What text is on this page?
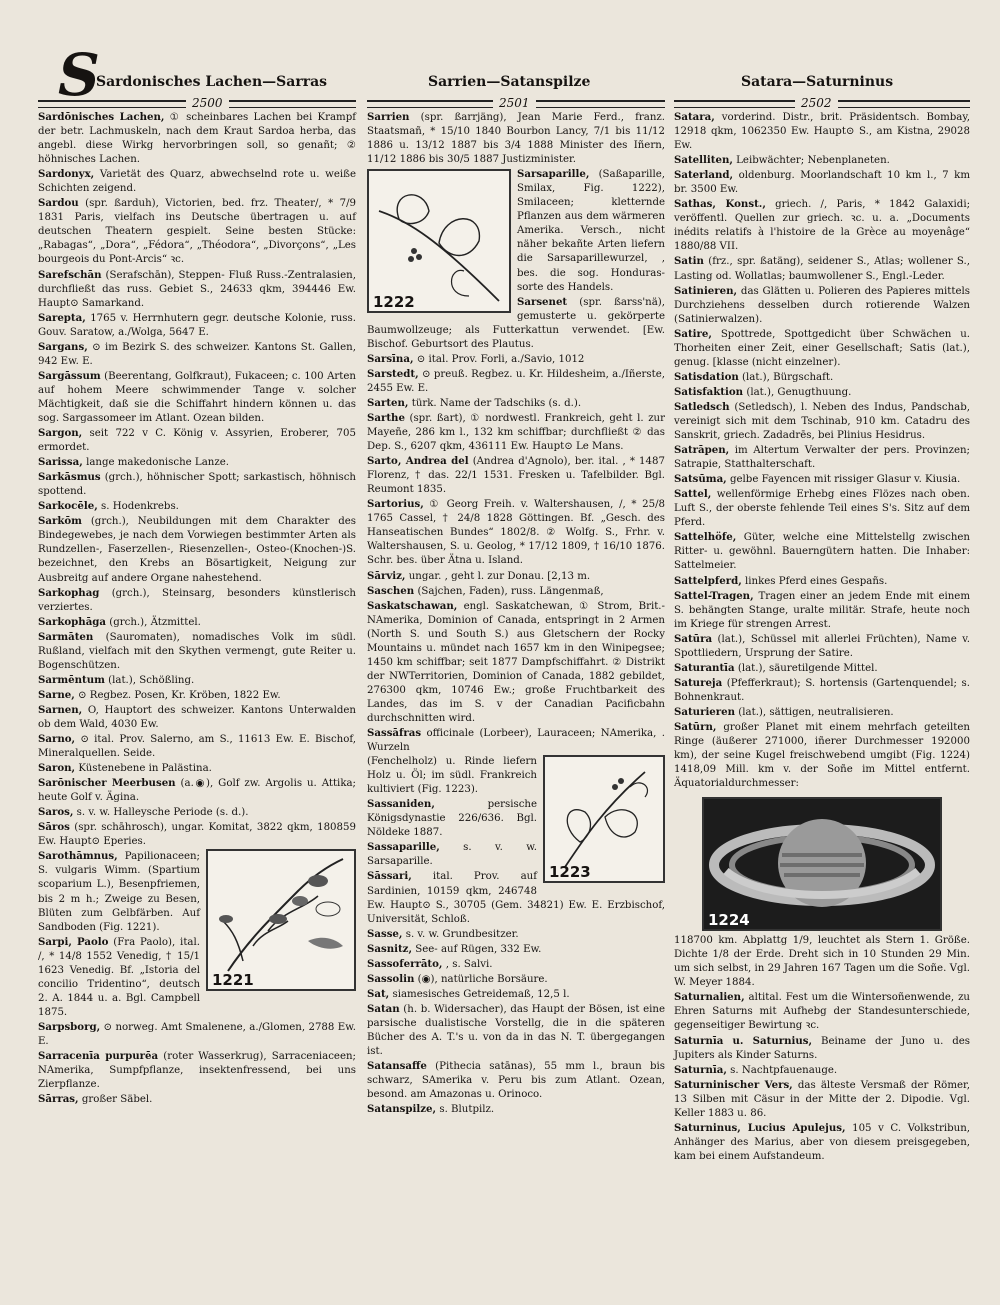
S
Sardonisches Lachen—Sarras	Sarrien—Satanspilze	Satara—Saturninus
2500	2501	2502

Sardōnisches Lachen, ① scheinbares Lachen bei Krampf der betr. Lachmuskeln, nach dem Kraut Sardoa herba, das angebl. diese Wirkg hervorbringen soll, so genañt; ② höhnisches Lachen.

Sardonyx, Varietät des Quarz, abwechselnd rote u. weiße Schichten zeigend.

Sardou (spr. ßarduh), Victorien, bed. frz. Theater/, * 7/9 1831 Paris, vielfach ins Deutsche übertragen u. auf deutschen Theatern gespielt. Seine besten Stücke: „Rabagas“, „Dora“, „Fédora“, „Théodora“, „Divorçons“, „Les bourgeois du Pont-Arcis“ ꝛc.

Sarefschān (Serafschān), Steppen- Fluß Russ.-Zentralasien, durchfließt das russ. Gebiet S., 24633 qkm, 394446 Ew. Haupt⊙ Samarkand.

Sarepta, 1765 v. Herrnhutern gegr. deutsche Kolonie, russ. Gouv. Saratow, a./Wolga, 5647 E.

Sargans, ⊙ im Bezirk S. des schweizer. Kantons St. Gallen, 942 Ew. E.

Sargāssum (Beerentang, Golfkraut), Fukaceen; c. 100 Arten auf hohem Meere schwimmender Tange v. solcher Mächtigkeit, daß sie die Schiffahrt hindern können u. das sog. Sargassomeer im Atlant. Ozean bilden.

Sargon, seit 722 v C. König v. Assyrien, Eroberer, 705 ermordet.

Sarissa, lange makedonische Lanze.

Sarkāsmus (grch.), höhnischer Spott; sarkastisch, höhnisch spottend.

Sarkocēle, s. Hodenkrebs.

Sarkōm (grch.), Neubildungen mit dem Charakter des Bindegewebes, je nach dem Vorwiegen bestimmter Arten als Rundzellen-, Faserzellen-, Riesenzellen-, Osteo-(Knochen-)S. bezeichnet, den Krebs an Bösartigkeit, Neigung zur Ausbreitg auf andere Organe nahestehend.

Sarkophag (grch.), Steinsarg, besonders künstlerisch verziertes.

Sarkophāga (grch.), Ätzmittel.

Sarmāten (Sauromaten), nomadisches Volk im südl. Rußland, vielfach mit den Skythen vermengt, gute Reiter u. Bogenschützen.

Sarmēntum (lat.), Schößling.

Sarne, ⊙ Regbez. Posen, Kr. Kröben, 1822 Ew.

Sarnen, O, Hauptort des schweizer. Kantons Unterwalden ob dem Wald, 4030 Ew.

Sarno, ⊙ ital. Prov. Salerno, am S., 11613 Ew. E. Bischof, Mineralquellen. Seide.

Saron, Küstenebene in Palästina.

Sarōnischer Meerbusen (a.◉), Golf zw. Argolis u. Attika; heute Golf v. Ägina.

Saros, s. v. w. Halleysche Periode (s. d.).

Sāros (spr. schāhrosch), ungar. Komitat, 3822 qkm, 180859 Ew. Haupt⊙ Eperies.

1221

Sarothāmnus, Papilionaceen; S. vulgaris Wimm. (Spartium scoparium L.), Besenpfriemen, bis 2 m h.; Zweige zu Besen, Blüten zum Gelbfärben. Auf Sandboden (Fig. 1221).

Sarpi, Paolo (Fra Paolo), ital. /, * 14/8 1552 Venedig, † 15/1 1623 Venedig. Bf. „Istoria del concilio Tridentino“, deutsch 2. A. 1844 u. a. Bgl. Campbell 1875.

Sarpsborg, ⊙ norweg. Amt Smalenene, a./Glomen, 2788 Ew. E.

Sarracenīa purpurēa (roter Wasserkrug), Sarraceniaceen; NAmerika, Sumpfpflanze, insektenfressend, bei uns Zierpflanze.

Sārras, großer Säbel.

Sarrien (spr. ßarrjäng), Jean Marie Ferd., franz. Staatsmañ, * 15/10 1840 Bourbon Lancy, 7/1 bis 11/12 1886 u. 13/12 1887 bis 3/4 1888 Minister des Iñern, 11/12 1886 bis 30/5 1887 Justizminister.

1222

Sarsaparille, (Saßaparille, Smilax, Fig. 1222), Smilaceen; kletternde Pflanzen aus dem wärmeren Amerika. Versch., nicht näher bekañte Arten liefern die Sarsaparillewurzel, , bes. die sog. Honduras- sorte des Handels.

Sarsenet (spr. ßarss'nä), gemusterte u. gekörperte Baumwollzeuge; als Futterkattun verwendet. [Ew. Bischof. Geburtsort des Plautus.

Sarsīna, ⊙ ital. Prov. Forli, a./Savio, 1012

Sarstedt, ⊙ preuß. Regbez. u. Kr. Hildesheim, a./Iñerste, 2455 Ew. E.

Sarten, türk. Name der Tadschiks (s. d.).

Sarthe (spr. ßart), ① nordwestl. Frankreich, geht l. zur Mayeñe, 286 km l., 132 km schiffbar; durchfließt ② das Dep. S., 6207 qkm, 436111 Ew. Haupt⊙ Le Mans.

Sarto, Andrea del (Andrea d'Agnolo), ber. ital. , * 1487 Florenz, † das. 22/1 1531. Fresken u. Tafelbilder. Bgl. Reumont 1835.

Sartorius, ① Georg Freih. v. Waltershausen, /, * 25/8 1765 Cassel, † 24/8 1828 Göttingen. Bf. „Gesch. des Hanseatischen Bundes“ 1802/8. ② Wolfg. S., Frhr. v. Waltershausen, S. u. Geolog, * 17/12 1809, † 16/10 1876. Schr. bes. über Ätna u. Island.

Sārviz, ungar. , geht l. zur Donau. [2,13 m.

Saschen (Sajchen, Faden), russ. Längenmaß,

Saskatschawan, engl. Saskatchewan, ① Strom, Brit.-NAmerika, Dominion of Canada, entspringt in 2 Armen (North S. und South S.) aus Gletschern der Rocky Mountains u. mündet nach 1657 km in den Winipegsee; 1450 km schiffbar; seit 1877 Dampfschiffahrt. ② Distrikt der NWTerritorien, Dominion of Canada, 1882 gebildet, 276300 qkm, 10746 Ew.; große Fruchtbarkeit des Landes, das im S. v der Canadian Pacificbahn durchschnitten wird.

Sassāfras officinale (Lorbeer), Lauraceen; NAmerika, . Wurzeln

1223

(Fenchelholz) u. Rinde liefern Holz u. Öl; im südl. Frankreich kultiviert (Fig. 1223).

Sassaniden,	persische Königsdynastie 226/636. Bgl. Nöldeke 1887.

Sassaparille, s. v. w. Sarsaparille.

Sāssari, ital. Prov. auf Sardinien, 10159 qkm, 246748 Ew. Haupt⊙ S., 30705 (Gem. 34821) Ew. E. Erzbischof, Universität, Schloß.

Sasse, s. v. w. Grundbesitzer.

Sasnitz, See- auf Rügen, 332 Ew.

Sassoferrāto, , s. Salvi.

Sassolin (◉), natürliche Borsäure.

Sat, siamesisches Getreidemaß, 12,5 l.

Satan (h. b. Widersacher), das Haupt der Bösen, ist eine parsische dualistische Vorstellg, die in die späteren Bücher des A. T.'s u. von da in das N. T. übergegangen ist.

Satansaffe (Pitheci̇a satānas), 55 mm l., braun bis schwarz, SAmerika v. Peru bis zum Atlant. Ozean, besond. am Amazonas u. Orinoco.

Satanspilze, s. Blutpilz.

Satara, vorderind. Distr., brit. Präsidentsch. Bombay, 12918 qkm, 1062350 Ew. Haupt⊙ S., am Kistna, 29028 Ew.

Satelliten, Leibwächter; Nebenplaneten.

Saterland, oldenburg. Moorlandschaft 10 km l., 7 km br. 3500 Ew.

Sathas, Konst., griech. /, Paris, * 1842 Galaxidi; veröffentl. Quellen zur griech. ꝛc. u. a. „Documents inédits relatifs à l'histoire de la Grèce au moyenâge“ 1880/88 VII.

Satin (frz., spr. ßatäng), seidener S., Atlas; wollener S., Lasting od. Wollatlas; baumwollener S., Engl.-Leder.

Satinieren, das Glätten u. Polieren des Papieres mittels Durchziehens desselben durch rotierende Walzen (Satinierwalzen).

Satire, Spottrede, Spottgedicht über Schwächen u. Thorheiten einer Zeit, einer Gesellschaft; Satis (lat.), genug. [klasse (nicht einzelner).

Satisdation (lat.), Bürgschaft.

Satisfaktion (lat.), Genugthuung.

Satledsch (Setledsch), l. Neben des Indus, Pandschab, vereinigt sich mit dem Tschinab, 910 km. Catadru des Sanskrit, griech. Zadadrēs, bei Plinius Hesidrus.

Satrāpen, im Altertum Verwalter der pers. Provinzen; Satrapie, Statthalterschaft.

Satsūma, gelbe Fayencen mit rissiger Glasur v. Kiusia.

Sattel, wellenförmige Erhebg eines Flözes nach oben. Luft S., der oberste fehlende Teil eines S's. Sitz auf dem Pferd.

Sattelhöfe, Güter, welche eine Mittelstellg zwischen Ritter- u. gewöhnl. Bauerngütern hatten. Die Inhaber: Sattelmeier.

Sattelpferd, linkes Pferd eines Gespañs.

Sattel-Tragen, Tragen einer an jedem Ende mit einem S. behängten Stange, uralte militär. Strafe, heute noch im Kriege für strengen Arrest.

Satūra (lat.), Schüssel mit allerlei Früchten), Name v. Spottliedern, Ursprung der Satire.

Saturantīa (lat.), säuretilgende Mittel.

Satureja (Pfefferkraut); S. hortensis (Gartenquendel; s. Bohnenkraut.

Saturieren (lat.), sättigen, neutralisieren.

Satūrn, großer Planet mit einem mehrfach geteilten Ringe (äußerer 271000, iñerer Durchmesser 192000 km), der seine Kugel freischwebend umgibt (Fig. 1224) 1418,09 Mill. km v. der Soñe im Mittel entfernt. Äquatorialdurchmesser:

1224

118700 km. Abplattg 1/9, leuchtet als Stern 1. Größe. Dichte 1/8 der Erde. Dreht sich in 10 Stunden 29 Min. um sich selbst, in 29 Jahren 167 Tagen um die Soñe. Vgl. W. Meyer 1884.

Saturnalien, altital. Fest um die Wintersoñenwende, zu Ehren Saturns mit Aufhebg der Standesunterschiede, gegenseitiger Bewirtung ꝛc.

Saturnīa u. Saturnius, Beiname der Juno u. des Jupiters als Kinder Saturns.

Saturnīa, s. Nachtpfauenauge.

Saturninischer Vers, das älteste Versmaß der Römer, 13 Silben mit Cäsur in der Mitte der 2. Dipodie. Vgl. Keller 1883 u. 86.

Saturninus, Lucius Apulejus, 105 v C. Volkstribun, Anhänger des Marius, aber von diesem preisgegeben, kam bei einem Aufstandeum.
